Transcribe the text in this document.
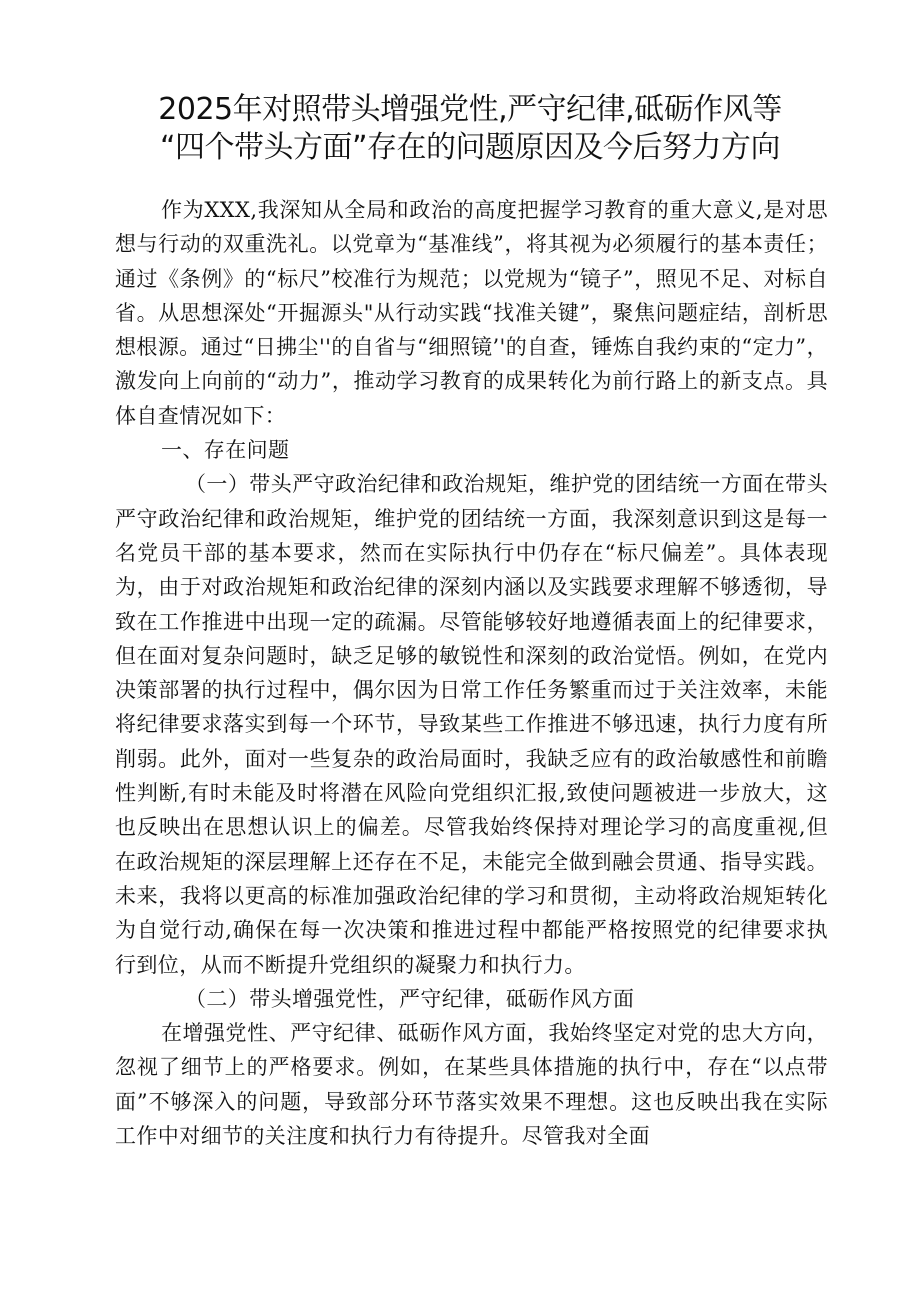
2025年对照带头增强党性,严守纪律,砥砺作风等
“四个带头方面”存在的问题原因及今后努力方向

作为XXX,我深知从全局和政治的高度把握学习教育的重大意义,是对思想与行动的双重洗礼。以党章为“基准线”，将其视为必须履行的基本责任；通过《条例》的“标尺”校准行为规范；以党规为“镜子”，照见不足、对标自省。从思想深处“开掘源头"从行动实践“找准关键”，聚焦问题症结，剖析思想根源。通过“日拂尘''的自省与“细照镜’'的自查，锤炼自我约束的“定力”，激发向上向前的“动力”，推动学习教育的成果转化为前行路上的新支点。具体自查情况如下：

一、存在问题

（一）带头严守政治纪律和政治规矩，维护党的团结统一方面在带头严守政治纪律和政治规矩，维护党的团结统一方面，我深刻意识到这是每一名党员干部的基本要求，然而在实际执行中仍存在“标尺偏差”。具体表现为，由于对政治规矩和政治纪律的深刻内涵以及实践要求理解不够透彻，导致在工作推进中出现一定的疏漏。尽管能够较好地遵循表面上的纪律要求，但在面对复杂问题时，缺乏足够的敏锐性和深刻的政治觉悟。例如，在党内决策部署的执行过程中，偶尔因为日常工作任务繁重而过于关注效率，未能将纪律要求落实到每一个环节，导致某些工作推进不够迅速，执行力度有所削弱。此外，面对一些复杂的政治局面时，我缺乏应有的政治敏感性和前瞻性判断,有时未能及时将潜在风险向党组织汇报,致使问题被进一步放大，这也反映出在思想认识上的偏差。尽管我始终保持对理论学习的高度重视,但在政治规矩的深层理解上还存在不足，未能完全做到融会贯通、指导实践。未来，我将以更高的标准加强政治纪律的学习和贯彻，主动将政治规矩转化为自觉行动,确保在每一次决策和推进过程中都能严格按照党的纪律要求执行到位，从而不断提升党组织的凝聚力和执行力。

（二）带头增强党性，严守纪律，砥砺作风方面

在增强党性、严守纪律、砥砺作风方面，我始终坚定对党的忠大方向，忽视了细节上的严格要求。例如，在某些具体措施的执行中，存在“以点带面”不够深入的问题，导致部分环节落实效果不理想。这也反映出我在实际工作中对细节的关注度和执行力有待提升。尽管我对全面
